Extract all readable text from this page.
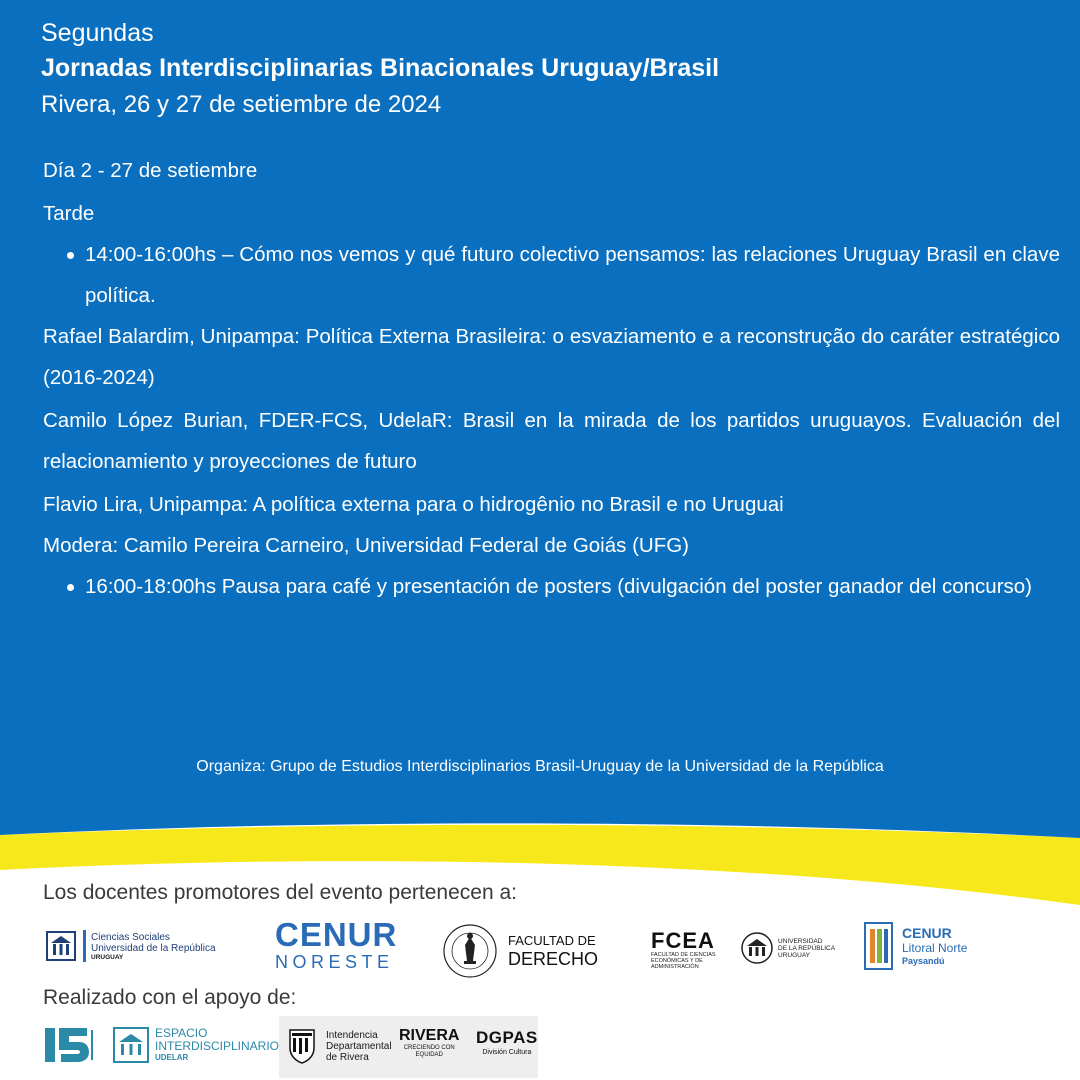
Segundas
Jornadas Interdisciplinarias Binacionales Uruguay/Brasil
Rivera, 26 y 27 de setiembre de 2024

Día 2 - 27 de setiembre

Tarde

14:00-16:00hs – Cómo nos vemos y qué futuro colectivo pensamos: las relaciones Uruguay Brasil en clave política.

Rafael Balardim, Unipampa: Política Externa Brasileira: o esvaziamento e a reconstrução do caráter estratégico (2016-2024)

Camilo López Burian, FDER-FCS, UdelaR: Brasil en la mirada de los partidos uruguayos. Evaluación del relacionamiento y proyecciones de futuro

Flavio Lira, Unipampa: A política externa para o hidrogênio no Brasil e no Uruguai

Modera: Camilo Pereira Carneiro, Universidad Federal de Goiás (UFG)

16:00-18:00hs Pausa para café y presentación de posters (divulgación del poster ganador del concurso)
Organiza: Grupo de Estudios Interdisciplinarios Brasil-Uruguay de la Universidad de la República
Los docentes promotores del evento pertenecen a:
Ciencias Sociales
Universidad de la República
URUGUAY
CENUR
NORESTE
FACULTAD DE
DERECHO
FCEA
FACULTAD DE CIENCIAS ECONÓMICAS Y DE ADMINISTRACIÓN
UNIVERSIDAD
DE LA REPÚBLICA
URUGUAY
CENUR
Litoral Norte
Paysandú
Realizado con el apoyo de:
ESPACIO
INTERDISCIPLINARIO
UDELAR
Intendencia
Departamental
de Rivera
RIVERA
CRECIENDO CON EQUIDAD
DGPAS
División Cultura
